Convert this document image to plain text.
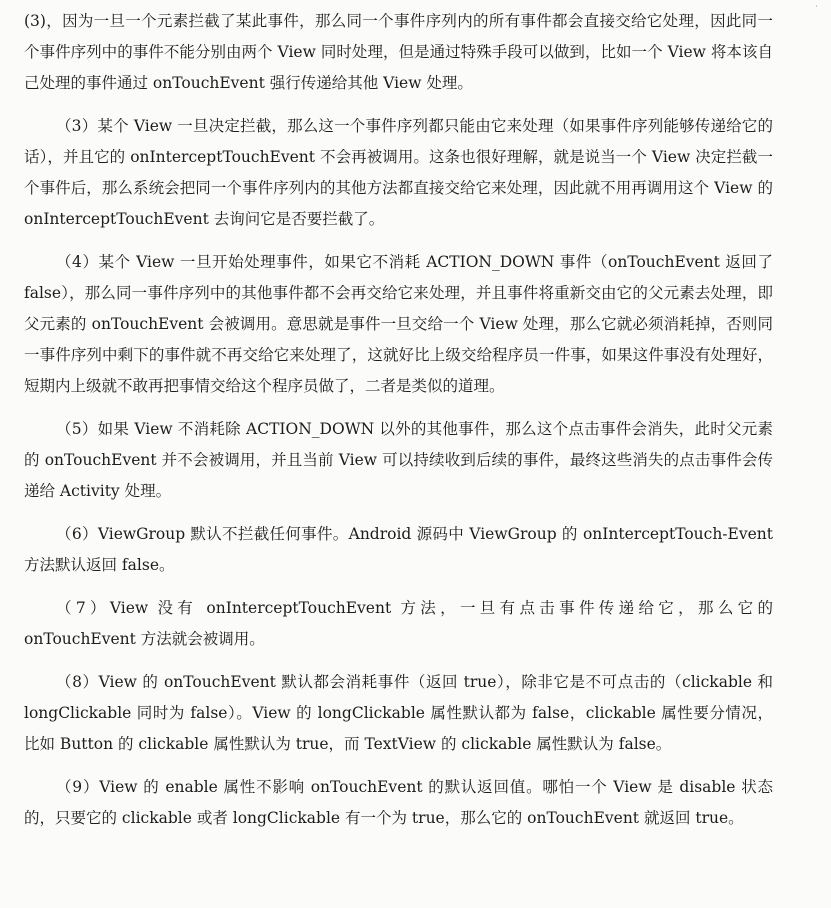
·

(3)，因为一旦一个元素拦截了某此事件，那么同一个事件序列内的所有事件都会直接交给它处理，因此同一个事件序列中的事件不能分别由两个 View 同时处理，但是通过特殊手段可以做到，比如一个 View 将本该自己处理的事件通过 onTouchEvent 强行传递给其他 View 处理。

（3）某个 View 一旦决定拦截，那么这一个事件序列都只能由它来处理（如果事件序列能够传递给它的话），并且它的 onInterceptTouchEvent 不会再被调用。这条也很好理解，就是说当一个 View 决定拦截一个事件后，那么系统会把同一个事件序列内的其他方法都直接交给它来处理，因此就不用再调用这个 View 的 onInterceptTouchEvent 去询问它是否要拦截了。

（4）某个 View 一旦开始处理事件，如果它不消耗 ACTION_DOWN 事件（onTouchEvent 返回了 false），那么同一事件序列中的其他事件都不会再交给它来处理，并且事件将重新交由它的父元素去处理，即父元素的 onTouchEvent 会被调用。意思就是事件一旦交给一个 View 处理，那么它就必须消耗掉，否则同一事件序列中剩下的事件就不再交给它来处理了，这就好比上级交给程序员一件事，如果这件事没有处理好，短期内上级就不敢再把事情交给这个程序员做了，二者是类似的道理。

（5）如果 View 不消耗除 ACTION_DOWN 以外的其他事件，那么这个点击事件会消失，此时父元素的 onTouchEvent 并不会被调用，并且当前 View 可以持续收到后续的事件，最终这些消失的点击事件会传递给 Activity 处理。

（6）ViewGroup 默认不拦截任何事件。Android 源码中 ViewGroup 的 onInterceptTouch-Event 方法默认返回 false。

（7）View 没有 onInterceptTouchEvent 方法，一旦有点击事件传递给它，那么它的 onTouchEvent 方法就会被调用。

（8）View 的 onTouchEvent 默认都会消耗事件（返回 true），除非它是不可点击的（clickable 和 longClickable 同时为 false）。View 的 longClickable 属性默认都为 false，clickable 属性要分情况，比如 Button 的 clickable 属性默认为 true，而 TextView 的 clickable 属性默认为 false。

（9）View 的 enable 属性不影响 onTouchEvent 的默认返回值。哪怕一个 View 是 disable 状态的，只要它的 clickable 或者 longClickable 有一个为 true，那么它的 onTouchEvent 就返回 true。
